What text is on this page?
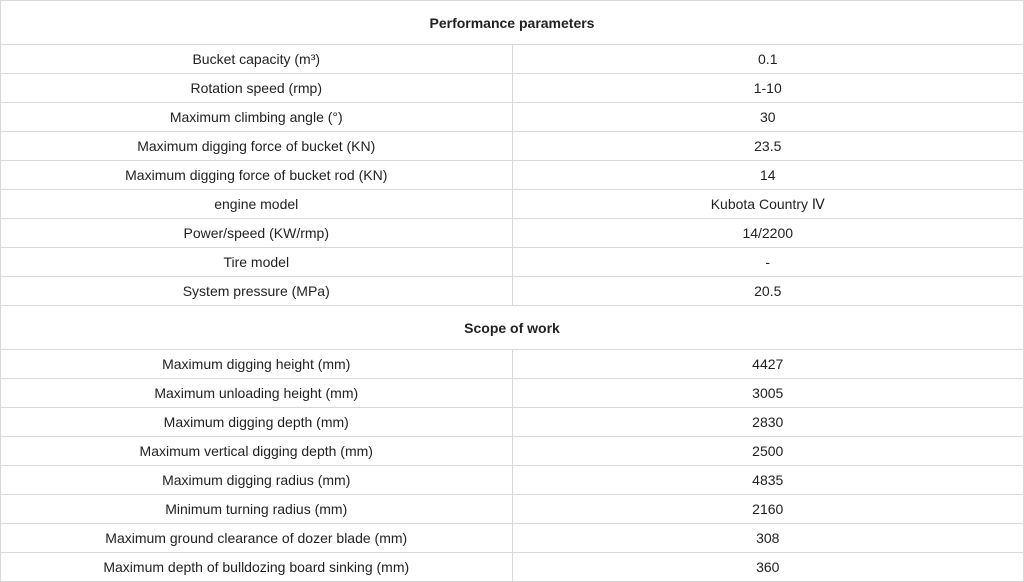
Performance parameters	
Bucket capacity (m³)	0.1
Rotation speed (rmp)	1-10
Maximum climbing angle (°)	30
Maximum digging force of bucket (KN)	23.5
Maximum digging force of bucket rod (KN)	14
engine model	Kubota Country Ⅳ
Power/speed (KW/rmp)	14/2200
Tire model	-
System pressure (MPa)	20.5
Scope of work	
Maximum digging height (mm)	4427
Maximum unloading height (mm)	3005
Maximum digging depth (mm)	2830
Maximum vertical digging depth (mm)	2500
Maximum digging radius (mm)	4835
Minimum turning radius (mm)	2160
Maximum ground clearance of dozer blade (mm)	308
Maximum depth of bulldozing board sinking (mm)	360
